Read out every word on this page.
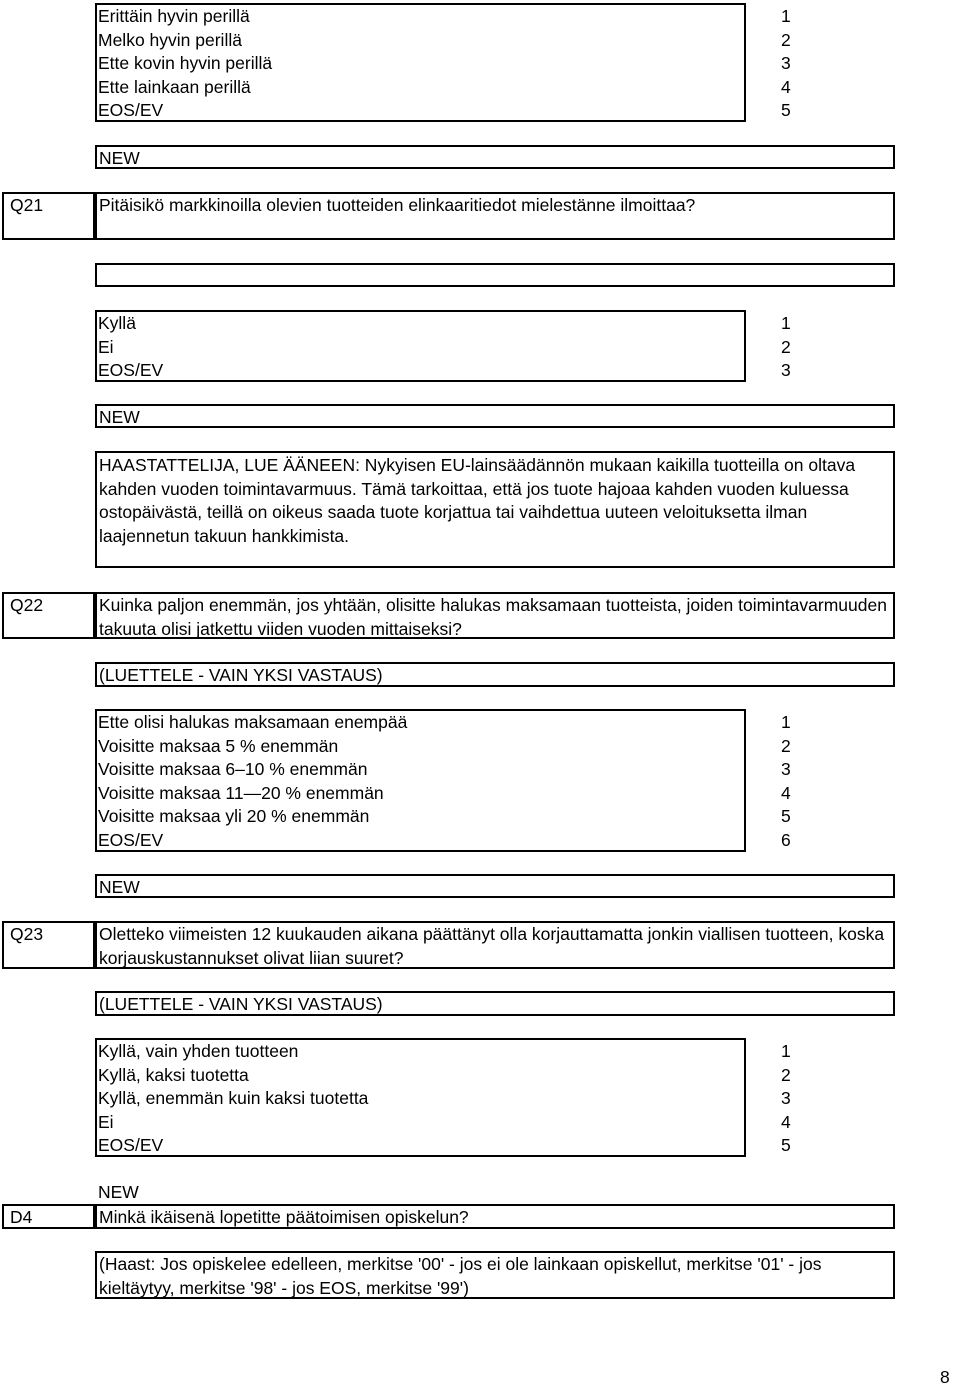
Erittäin hyvin perillä	1
Melko hyvin perillä	2
Ette kovin hyvin perillä	3
Ette lainkaan perillä	4
EOS/EV	5
NEW
Q21	Pitäisikö markkinoilla olevien tuotteiden elinkaaritiedot mielestänne ilmoittaa?
Kyllä	1
Ei	2
EOS/EV	3
NEW
HAASTATTELIJA, LUE ÄÄNEEN: Nykyisen EU-lainsäädännön mukaan kaikilla tuotteilla on oltava kahden vuoden toimintavarmuus. Tämä tarkoittaa, että jos tuote hajoaa kahden vuoden kuluessa ostopäivästä, teillä on oikeus saada tuote korjattua tai vaihdettua uuteen veloituksetta ilman laajennetun takuun hankkimista.
Q22	Kuinka paljon enemmän, jos yhtään, olisitte halukas maksamaan tuotteista, joiden toimintavarmuuden takuuta olisi jatkettu viiden vuoden mittaiseksi?
(LUETTELE - VAIN YKSI VASTAUS)
Ette olisi halukas maksamaan enempää	1
Voisitte maksaa 5 % enemmän	2
Voisitte maksaa 6–10 % enemmän	3
Voisitte maksaa 11—20 % enemmän	4
Voisitte maksaa yli 20 % enemmän	5
EOS/EV	6
NEW
Q23	Oletteko viimeisten 12 kuukauden aikana päättänyt olla korjauttamatta jonkin viallisen tuotteen, koska korjauskustannukset olivat liian suuret?
(LUETTELE - VAIN YKSI VASTAUS)
Kyllä, vain yhden tuotteen	1
Kyllä, kaksi tuotetta	2
Kyllä, enemmän kuin kaksi tuotetta	3
Ei	4
EOS/EV	5
NEW
D4	Minkä ikäisenä lopetitte päätoimisen opiskelun?
(Haast: Jos opiskelee edelleen, merkitse '00' - jos ei ole lainkaan opiskellut, merkitse '01' - jos kieltäytyy, merkitse '98' - jos EOS, merkitse '99')
8
